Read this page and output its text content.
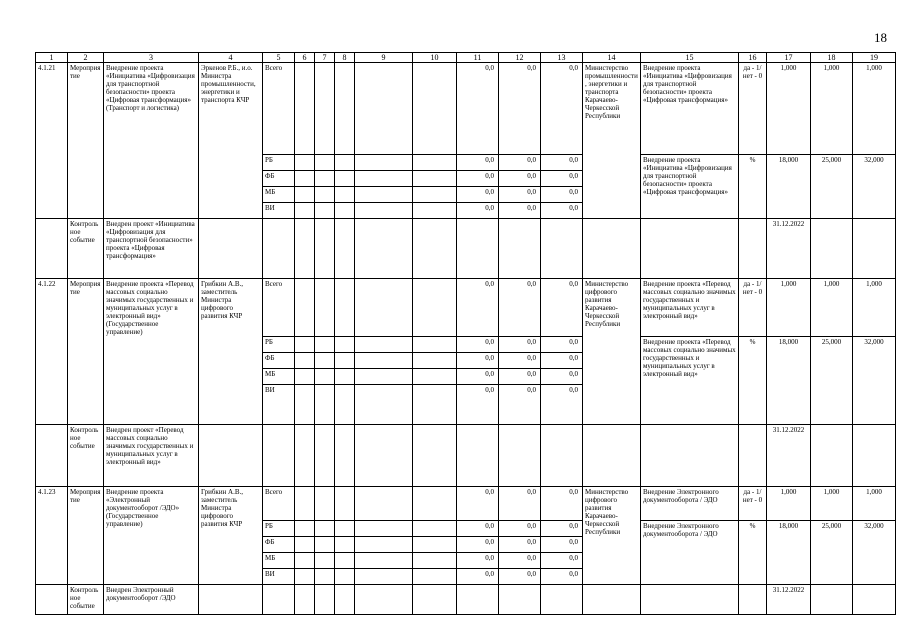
18
1	2	3	4	5	6	7	8	9	10	11	12	13	14	15	16	17	18	19
4.1.21	Мероприятие	Внедрение проекта «Инициатива «Цифровизация для транспортной безопасности» проекта «Цифровая трансформация» (Транспорт и логистика)	Эркенов Р.Б., и.о. Министра промышленности, энергетики и транспорта КЧР	Всего						0,0	0,0	0,0	Министерство промышленности, энергетики и транспорта Карачаево-Черкесской Республики	Внедрение проекта «Инициатива «Цифровизация для транспортной безопасности» проекта «Цифровая трансформация»	да - 1/ нет - 0	1,000	1,000	1,000
				РБ						0,0	0,0	0,0		Внедрение проекта «Инициатива «Цифровизация для транспортной безопасности» проекта «Цифровая трансформация»	%	18,000	25,000	32,000
				ФБ						0,0	0,0	0,0						
				МБ						0,0	0,0	0,0						
				ВИ						0,0	0,0	0,0						
	Контрольное событие	Внедрен проект «Инициатива «Цифровизация для транспортной безопасности» проекта «Цифровая трансформация»														31.12.2022		
4.1.22	Мероприятие	Внедрение проекта «Перевод массовых социально значимых государственных и муниципальных услуг в электронный вид» (Государственное управление)	Грибкин А.В., заместитель Министра цифрового развития КЧР	Всего						0,0	0,0	0,0	Министерство цифрового развития Карачаево-Черкесской Республики	Внедрение проекта «Перевод массовых социально значимых государственных и муниципальных услуг в электронный вид»	да - 1/ нет - 0	1,000	1,000	1,000
				РБ						0,0	0,0	0,0		Внедрение проекта «Перевод массовых социально значимых государственных и муниципальных услуг в электронный вид»	%	18,000	25,000	32,000
				ФБ						0,0	0,0	0,0						
				МБ						0,0	0,0	0,0						
				ВИ						0,0	0,0	0,0						
	Контрольное событие	Внедрен проект «Перевод массовых социально значимых государственных и муниципальных услуг в электронный вид»														31.12.2022		
4.1.23	Мероприятие	Внедрение проекта «Электронный документооборот /ЭДО» (Государственное управление)	Грибкин А.В., заместитель Министра цифрового развития КЧР	Всего						0,0	0,0	0,0	Министерство цифрового развития Карачаево-Черкесской Республики	Внедрение Электронного документооборота / ЭДО	да - 1/ нет - 0	1,000	1,000	1,000
				РБ						0,0	0,0	0,0		Внедрение Электронного документооборота / ЭДО	%	18,000	25,000	32,000
				ФБ						0,0	0,0	0,0						
				МБ						0,0	0,0	0,0						
				ВИ						0,0	0,0	0,0						
	Контрольное событие	Внедрен Электронный документооборот /ЭДО														31.12.2022		
